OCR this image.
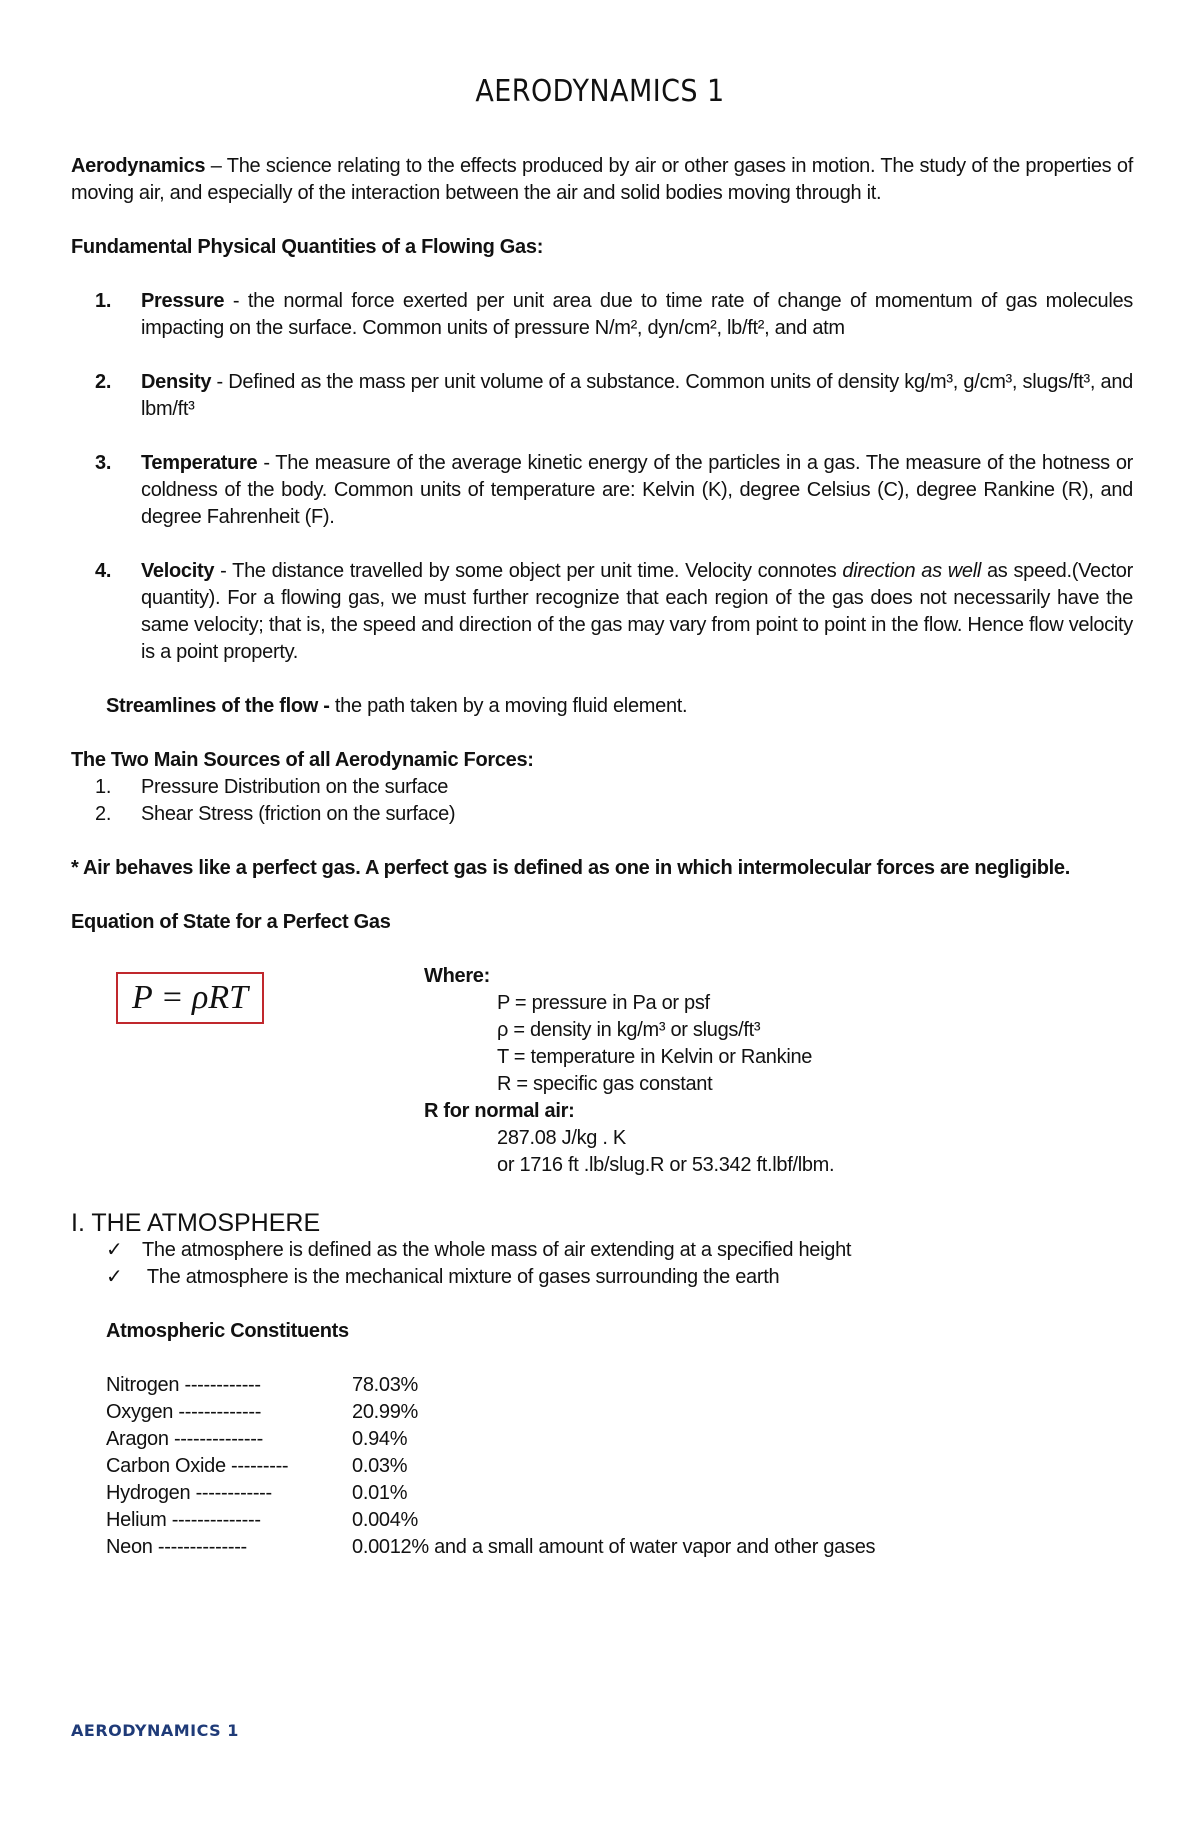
AERODYNAMICS 1
Aerodynamics – The science relating to the effects produced by air or other gases in motion. The study of the properties of moving air, and especially of the interaction between the air and solid bodies moving through it.
Fundamental Physical Quantities of a Flowing Gas:
1. Pressure - the normal force exerted per unit area due to time rate of change of momentum of gas molecules impacting on the surface. Common units of pressure N/m², dyn/cm², lb/ft², and atm
2. Density - Defined as the mass per unit volume of a substance. Common units of density kg/m³, g/cm³, slugs/ft³, and lbm/ft³
3. Temperature - The measure of the average kinetic energy of the particles in a gas. The measure of the hotness or coldness of the body. Common units of temperature are: Kelvin (K), degree Celsius (C), degree Rankine (R), and degree Fahrenheit (F).
4. Velocity - The distance travelled by some object per unit time. Velocity connotes direction as well as speed.(Vector quantity). For a flowing gas, we must further recognize that each region of the gas does not necessarily have the same velocity; that is, the speed and direction of the gas may vary from point to point in the flow. Hence flow velocity is a point property.
Streamlines of the flow - the path taken by a moving fluid element.
The Two Main Sources of all Aerodynamic Forces:
1. Pressure Distribution on the surface
2. Shear Stress (friction on the surface)
* Air behaves like a perfect gas. A perfect gas is defined as one in which intermolecular forces are negligible.
Equation of State for a Perfect Gas
P = ρRT
Where:
P = pressure in Pa or psf
ρ = density in kg/m³ or slugs/ft³
T = temperature in Kelvin or Rankine
R = specific gas constant
R for normal air:
287.08 J/kg . K
or 1716 ft .lb/slug.R or 53.342 ft.lbf/lbm.
I. THE ATMOSPHERE
✓ The atmosphere is defined as the whole mass of air extending at a specified height
✓ The atmosphere is the mechanical mixture of gases surrounding the earth
Atmospheric Constituents
Nitrogen ------------	78.03%
Oxygen -------------	20.99%
Aragon --------------	0.94%
Carbon Oxide ---------	0.03%
Hydrogen ------------	0.01%
Helium --------------	0.004%
Neon --------------	0.0012% and a small amount of water vapor and other gases
AERODYNAMICS 1
